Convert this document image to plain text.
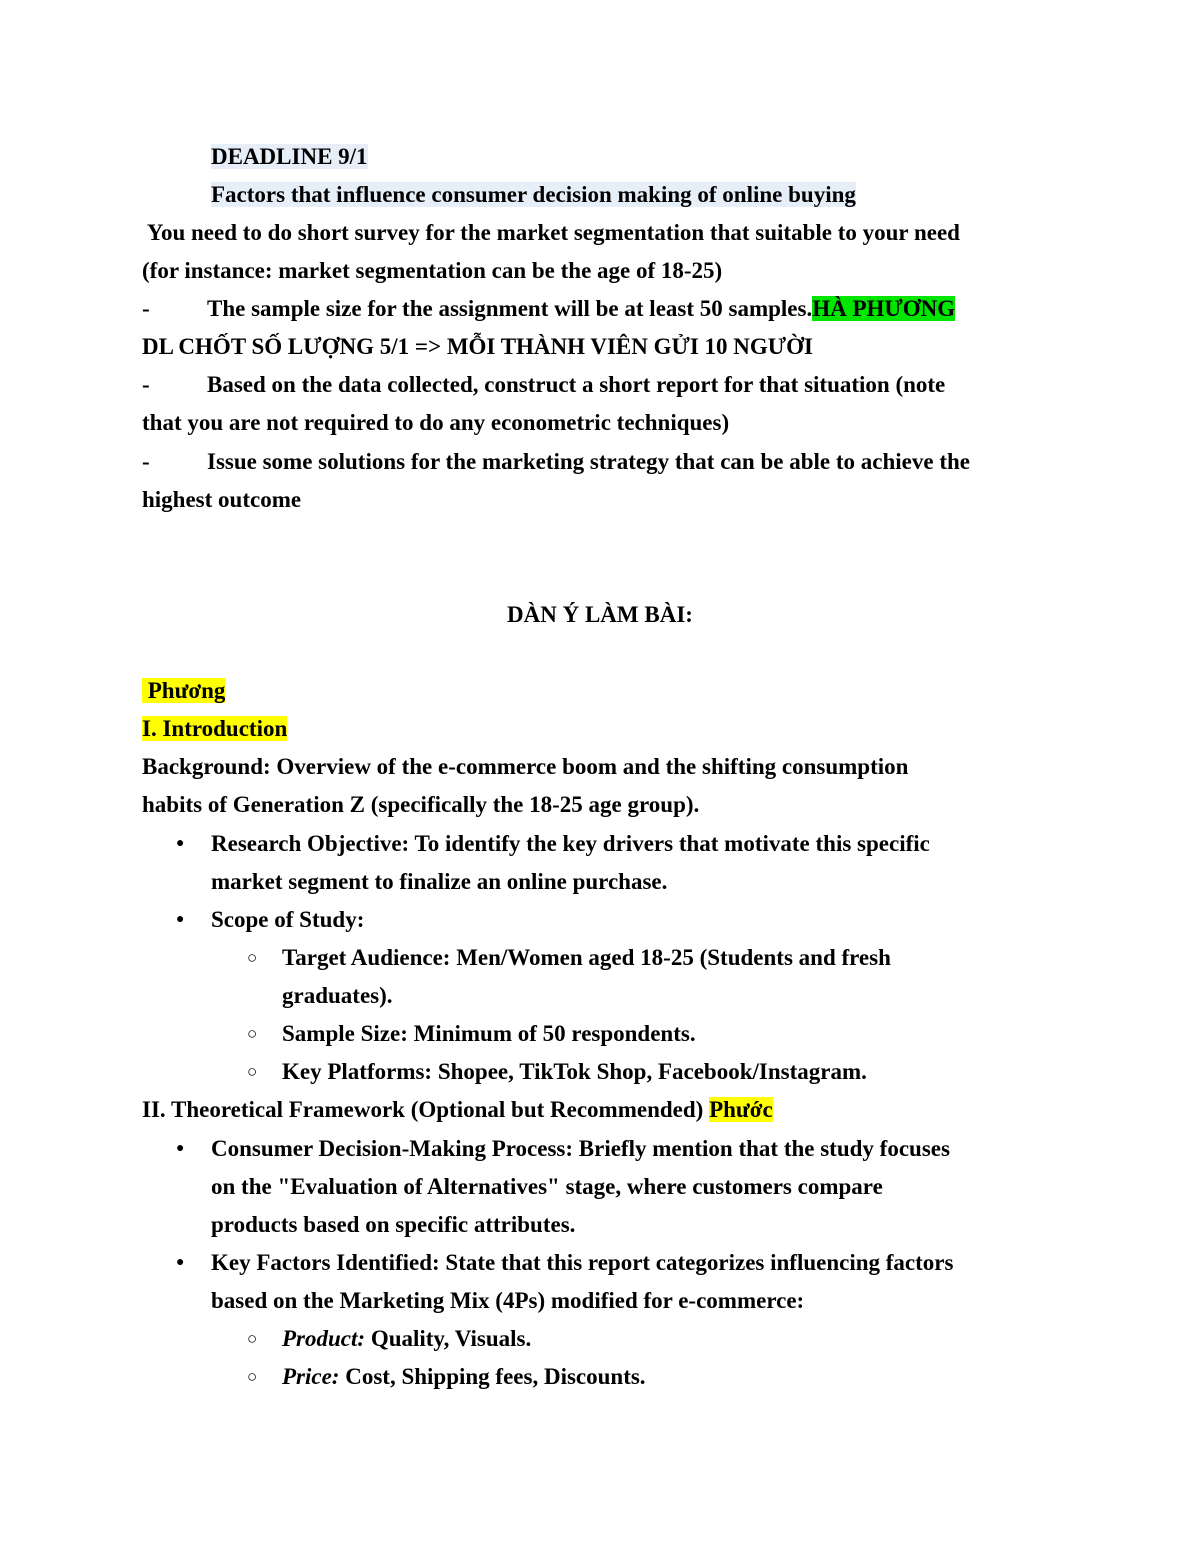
DEADLINE 9/1
Factors that influence consumer decision making of online buying
You need to do short survey for the market segmentation that suitable to your need
(for instance: market segmentation can be the age of 18-25)
- The sample size for the assignment will be at least 50 samples.HÀ PHƯƠNG
DL CHỐT SỐ LƯỢNG 5/1 => MỖI THÀNH VIÊN GỬI 10 NGƯỜI
- Based on the data collected, construct a short report for that situation (note
that you are not required to do any econometric techniques)
- Issue some solutions for the marketing strategy that can be able to achieve the
highest outcome
DÀN Ý LÀM BÀI:
Phương
I. Introduction
Background: Overview of the e-commerce boom and the shifting consumption
habits of Generation Z (specifically the 18-25 age group).
● Research Objective: To identify the key drivers that motivate this specific
market segment to finalize an online purchase.
● Scope of Study:
○ Target Audience: Men/Women aged 18-25 (Students and fresh
graduates).
○ Sample Size: Minimum of 50 respondents.
○ Key Platforms: Shopee, TikTok Shop, Facebook/Instagram.
II. Theoretical Framework (Optional but Recommended) Phước
● Consumer Decision-Making Process: Briefly mention that the study focuses
on the "Evaluation of Alternatives" stage, where customers compare
products based on specific attributes.
● Key Factors Identified: State that this report categorizes influencing factors
based on the Marketing Mix (4Ps) modified for e-commerce:
○ Product: Quality, Visuals.
○ Price: Cost, Shipping fees, Discounts.
